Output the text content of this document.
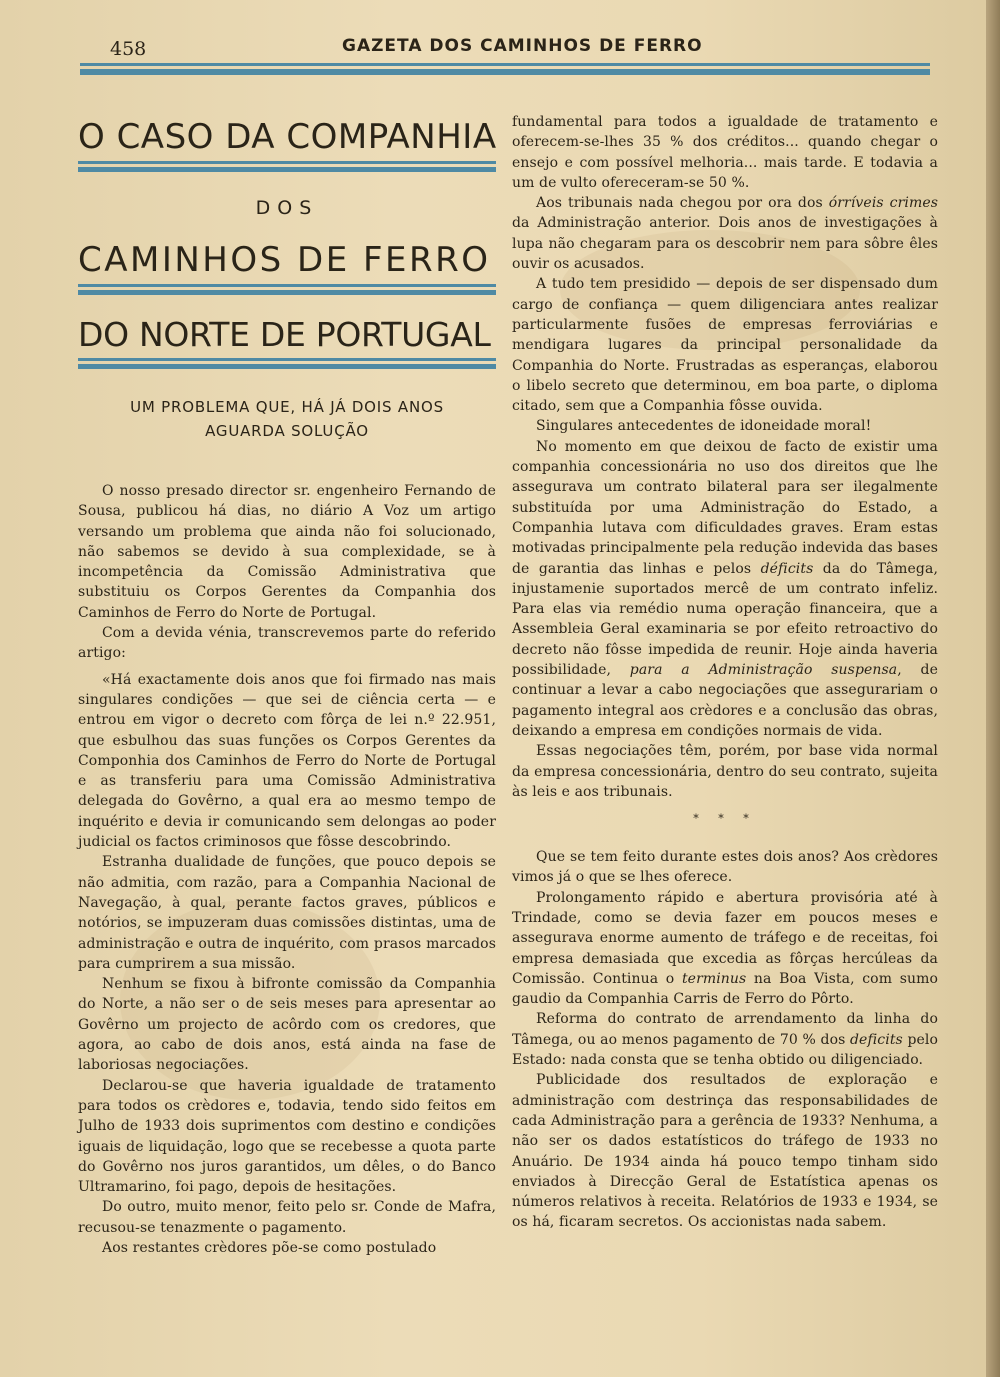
458	GAZETA DOS CAMINHOS DE FERRO
O CASO DA COMPANHIA
DOS
CAMINHOS DE FERRO
DO NORTE DE PORTUGAL
UM PROBLEMA QUE, HÁ JÁ DOIS ANOS
AGUARDA SOLUÇÃO

O nosso presado director sr. engenheiro Fernando de Sousa, publicou há dias, no diário A Voz um artigo versando um problema que ainda não foi solucionado, não sabemos se devido à sua complexidade, se à incompetência da Comissão Administrativa que substituiu os Corpos Gerentes da Companhia dos Caminhos de Ferro do Norte de Portugal.

Com a devida vénia, transcrevemos parte do referido artigo:

«Há exactamente dois anos que foi firmado nas mais singulares condições — que sei de ciência certa — e entrou em vigor o decreto com fôrça de lei n.º 22.951, que esbulhou das suas funções os Corpos Gerentes da Componhia dos Caminhos de Ferro do Norte de Portugal e as transferiu para uma Comissão Administrativa delegada do Govêrno, a qual era ao mesmo tempo de inquérito e devia ir comunicando sem delongas ao poder judicial os factos criminosos que fôsse descobrindo.

Estranha dualidade de funções, que pouco depois se não admitia, com razão, para a Companhia Nacional de Navegação, à qual, perante factos graves, públicos e notórios, se impuzeram duas comissões distintas, uma de administração e outra de inquérito, com prasos marcados para cumprirem a sua missão.

Nenhum se fixou à bifronte comissão da Companhia do Norte, a não ser o de seis meses para apresentar ao Govêrno um projecto de acôrdo com os credores, que agora, ao cabo de dois anos, está ainda na fase de laboriosas negociações.

Declarou-se que haveria igualdade de tratamento para todos os crèdores e, todavia, tendo sido feitos em Julho de 1933 dois suprimentos com destino e condições iguais de liquidação, logo que se recebesse a quota parte do Govêrno nos juros garantidos, um dêles, o do Banco Ultramarino, foi pago, depois de hesitações.

Do outro, muito menor, feito pelo sr. Conde de Mafra, recusou-se tenazmente o pagamento.

Aos restantes crèdores põe-se como postulado

fundamental para todos a igualdade de tratamento e oferecem-se-lhes 35 % dos créditos... quando chegar o ensejo e com possível melhoria... mais tarde. E todavia a um de vulto ofereceram-se 50 %.

Aos tribunais nada chegou por ora dos órríveis crimes da Administração anterior. Dois anos de investigações à lupa não chegaram para os descobrir nem para sôbre êles ouvir os acusados.

A tudo tem presidido — depois de ser dispensado dum cargo de confiança — quem diligenciara antes realizar particularmente fusões de empresas ferroviárias e mendigara lugares da principal personalidade da Companhia do Norte. Frustradas as esperanças, elaborou o libelo secreto que determinou, em boa parte, o diploma citado, sem que a Companhia fôsse ouvida.

Singulares antecedentes de idoneidade moral!

No momento em que deixou de facto de existir uma companhia concessionária no uso dos direitos que lhe assegurava um contrato bilateral para ser ilegalmente substituída por uma Administração do Estado, a Companhia lutava com dificuldades graves. Eram estas motivadas principalmente pela redução indevida das bases de garantia das linhas e pelos déficits da do Tâmega, injustamenie suportados mercê de um contrato infeliz. Para elas via remédio numa operação financeira, que a Assembleia Geral examinaria se por efeito retroactivo do decreto não fôsse impedida de reunir. Hoje ainda haveria possibilidade, para a Administração suspensa, de continuar a levar a cabo negociações que assegurariam o pagamento integral aos crèdores e a conclusão das obras, deixando a empresa em condições normais de vida.

Essas negociações têm, porém, por base vida normal da empresa concessionária, dentro do seu contrato, sujeita às leis e aos tribunais.

* * *

Que se tem feito durante estes dois anos? Aos crèdores vimos já o que se lhes oferece.

Prolongamento rápido e abertura provisória até à Trindade, como se devia fazer em poucos meses e assegurava enorme aumento de tráfego e de receitas, foi empresa demasiada que excedia as fôrças hercúleas da Comissão. Continua o terminus na Boa Vista, com sumo gaudio da Companhia Carris de Ferro do Pôrto.

Reforma do contrato de arrendamento da linha do Tâmega, ou ao menos pagamento de 70 % dos deficits pelo Estado: nada consta que se tenha obtido ou diligenciado.

Publicidade dos resultados de exploração e administração com destrinça das responsabilidades de cada Administração para a gerência de 1933? Nenhuma, a não ser os dados estatísticos do tráfego de 1933 no Anuário. De 1934 ainda há pouco tempo tinham sido enviados à Direcção Geral de Estatística apenas os números relativos à receita. Relatórios de 1933 e 1934, se os há, ficaram secretos. Os accionistas nada sabem.
